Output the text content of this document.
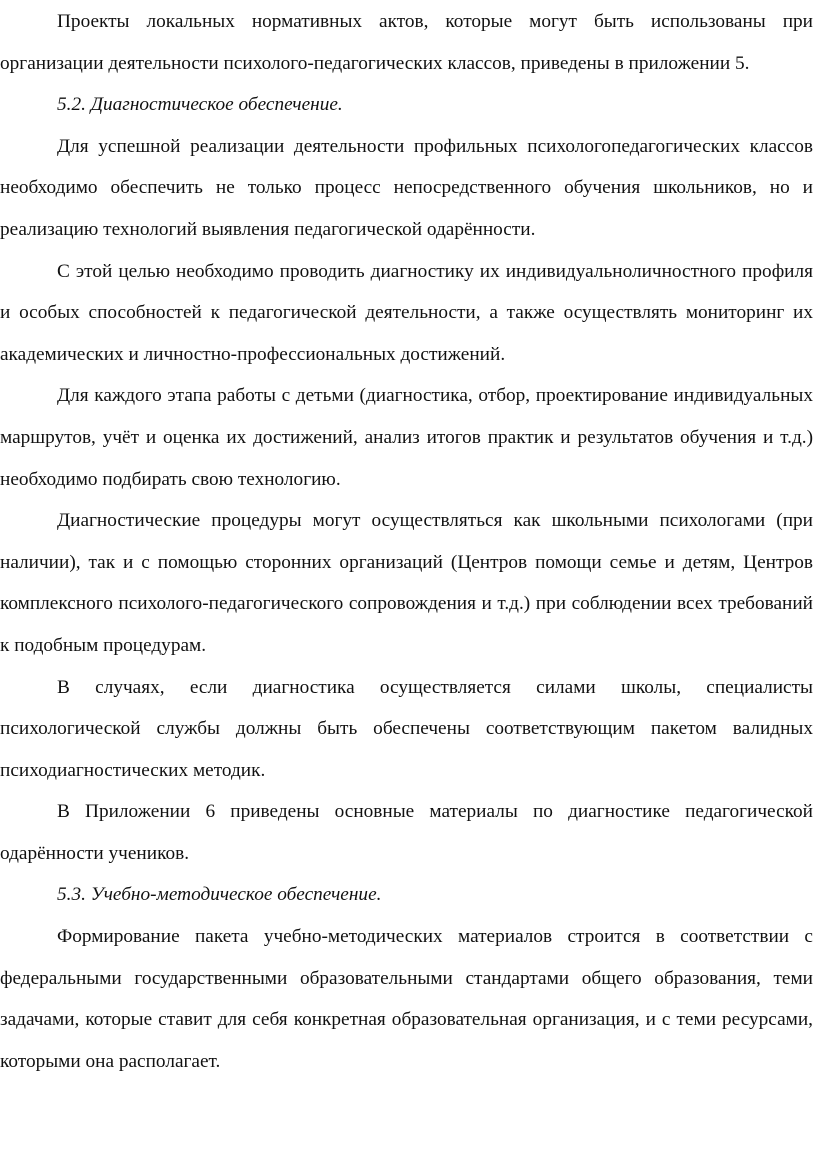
Проекты локальных нормативных актов, которые могут быть использованы при организации деятельности психолого-педагогических классов, приведены в приложении 5.

5.2. Диагностическое обеспечение.

Для успешной реализации деятельности профильных психологопедагогических классов необходимо обеспечить не только процесс непосредственного обучения школьников, но и реализацию технологий выявления педагогической одарённости.

С этой целью необходимо проводить диагностику их индивидуальноличностного профиля и особых способностей к педагогической деятельности, а также осуществлять мониторинг их академических и личностно-профессиональных достижений.

Для каждого этапа работы с детьми (диагностика, отбор, проектирование индивидуальных маршрутов, учёт и оценка их достижений, анализ итогов практик и результатов обучения и т.д.) необходимо подбирать свою технологию.

Диагностические процедуры могут осуществляться как школьными психологами (при наличии), так и с помощью сторонних организаций (Центров помощи семье и детям, Центров комплексного психолого-педагогического сопровождения и т.д.) при соблюдении всех требований к подобным процедурам.

В случаях, если диагностика осуществляется силами школы, специалисты психологической службы должны быть обеспечены соответствующим пакетом валидных психодиагностических методик.

В Приложении 6 приведены основные материалы по диагностике педагогической одарённости учеников.

5.3. Учебно-методическое обеспечение.

Формирование пакета учебно-методических материалов строится в соответствии с федеральными государственными образовательными стандартами общего образования, теми задачами, которые ставит для себя конкретная образовательная организация, и с теми ресурсами, которыми она располагает.
